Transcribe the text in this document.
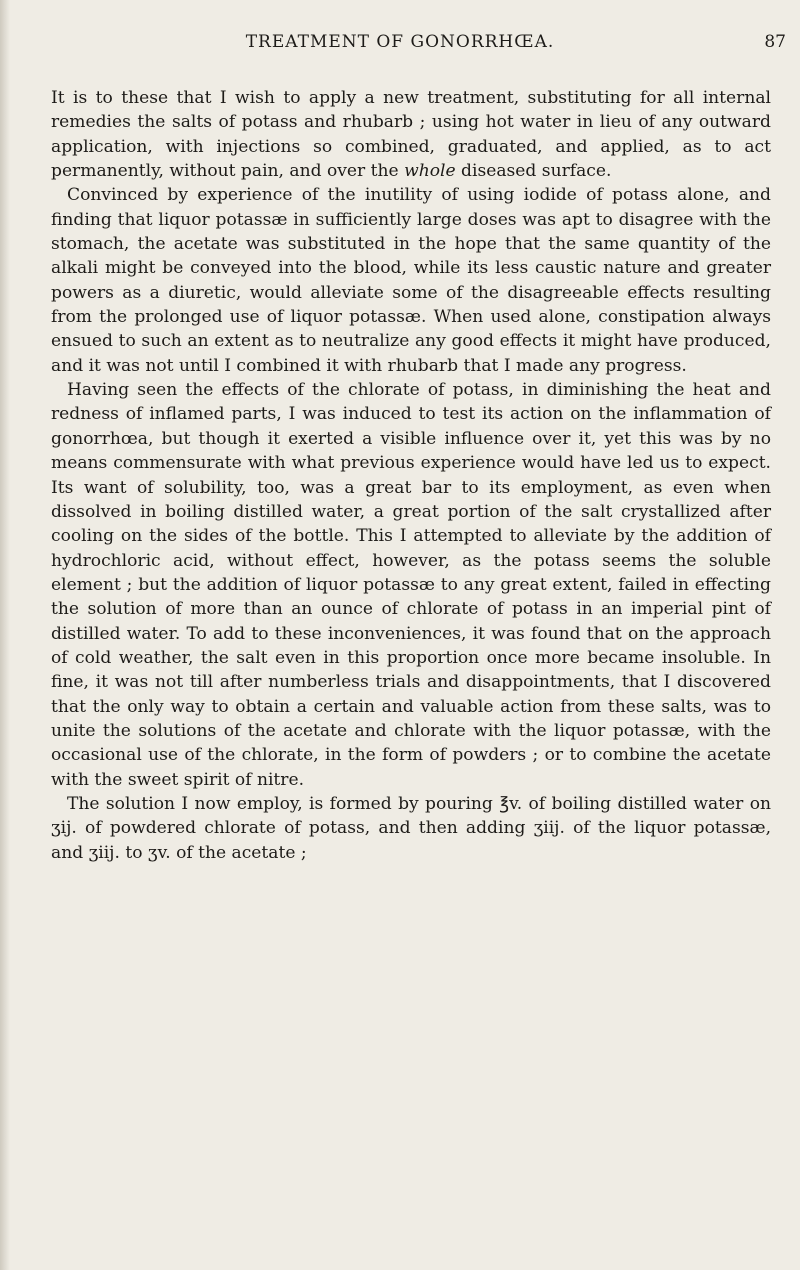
TREATMENT OF GONORRHŒA.	87

It is to these that I wish to apply a new treatment, substituting for all internal remedies the salts of potass and rhubarb ; using hot water in lieu of any outward application, with injections so combined, graduated, and applied, as to act permanently, without pain, and over the whole diseased surface.

Convinced by experience of the inutility of using iodide of potass alone, and finding that liquor potassæ in sufficiently large doses was apt to disagree with the stomach, the acetate was substituted in the hope that the same quantity of the alkali might be conveyed into the blood, while its less caustic nature and greater powers as a diuretic, would alleviate some of the disagreeable effects resulting from the prolonged use of liquor potassæ. When used alone, constipation always ensued to such an extent as to neutralize any good effects it might have produced, and it was not until I combined it with rhubarb that I made any progress.

Having seen the effects of the chlorate of potass, in diminishing the heat and redness of inflamed parts, I was induced to test its action on the inflammation of gonorrhœa, but though it exerted a visible influence over it, yet this was by no means commensurate with what previous experience would have led us to expect. Its want of solubility, too, was a great bar to its employment, as even when dissolved in boiling distilled water, a great portion of the salt crystallized after cooling on the sides of the bottle. This I attempted to alleviate by the addition of hydrochloric acid, without effect, however, as the potass seems the soluble element ; but the addition of liquor potassæ to any great extent, failed in effecting the solution of more than an ounce of chlorate of potass in an imperial pint of distilled water. To add to these inconveniences, it was found that on the approach of cold weather, the salt even in this proportion once more became insoluble. In fine, it was not till after numberless trials and disappointments, that I discovered that the only way to obtain a certain and valuable action from these salts, was to unite the solutions of the acetate and chlorate with the liquor potassæ, with the occasional use of the chlorate, in the form of powders ; or to combine the acetate with the sweet spirit of nitre.

The solution I now employ, is formed by pouring ℥v. of boiling distilled water on ʒij. of powdered chlorate of potass, and then adding ʒiij. of the liquor potassæ, and ʒiij. to ʒv. of the acetate ;
